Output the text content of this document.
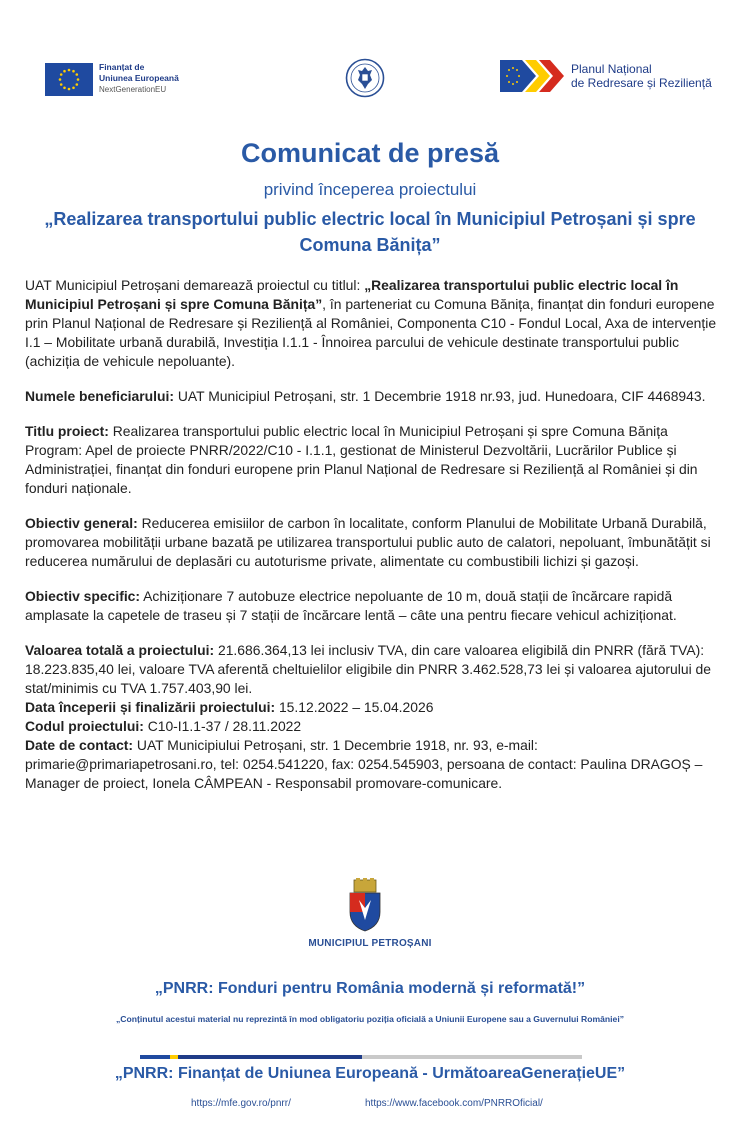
Finanțat de
Uniunea Europeană
NextGenerationEU
Planul Național
de Redresare și Reziliență
Comunicat de presă
privind începerea proiectului
„Realizarea transportului public electric local în Municipiul Petroșani și spre Comuna Bănița”

UAT Municipiul Petroșani demarează proiectul cu titlul: „Realizarea transportului public electric local în Municipiul Petroșani și spre Comuna Bănița”, în parteneriat cu Comuna Bănița, finanțat din fonduri europene prin Planul Național de Redresare și Reziliență al României, Componenta C10 - Fondul Local, Axa de intervenție I.1 – Mobilitate urbană durabilă, Investiția I.1.1 - Înnoirea parcului de vehicule destinate transportului public (achiziția de vehicule nepoluante).

Numele beneficiarului: UAT Municipiul Petroșani, str. 1 Decembrie 1918 nr.93, jud. Hunedoara, CIF 4468943.

Titlu proiect: Realizarea transportului public electric local în Municipiul Petroșani și spre Comuna Bănița Program: Apel de proiecte PNRR/2022/C10 - I.1.1, gestionat de Ministerul Dezvoltării, Lucrărilor Publice și Administrației, finanțat din fonduri europene prin Planul Național de Redresare si Reziliență al României și din fonduri naționale.

Obiectiv general: Reducerea emisiilor de carbon în localitate, conform Planului de Mobilitate Urbană Durabilă, promovarea mobilității urbane bazată pe utilizarea transportului public auto de calatori, nepoluant, îmbunătățit si reducerea numărului de deplasări cu autoturisme private, alimentate cu combustibili lichizi și gazoși.

Obiectiv specific: Achiziționare 7 autobuze electrice nepoluante de 10 m, două stații de încărcare rapidă amplasate la capetele de traseu și 7 stații de încărcare lentă – câte una pentru fiecare vehicul achiziționat.

Valoarea totală a proiectului: 21.686.364,13 lei inclusiv TVA, din care valoarea eligibilă din PNRR (fără TVA): 18.223.835,40 lei, valoare TVA aferentă cheltuielilor eligibile din PNRR 3.462.528,73 lei și valoarea ajutorului de stat/minimis cu TVA 1.757.403,90 lei.

Data începerii și finalizării proiectului: 15.12.2022 – 15.04.2026

Codul proiectului: C10-I1.1-37 / 28.11.2022

Date de contact: UAT Municipiului Petroșani, str. 1 Decembrie 1918, nr. 93, e-mail: primarie@primariapetrosani.ro, tel: 0254.541220, fax: 0254.545903, persoana de contact: Paulina DRAGOȘ – Manager de proiect, Ionela CÂMPEAN - Responsabil promovare-comunicare.

MUNICIPIUL PETROȘANI
„PNRR: Fonduri pentru România modernă și reformată!”
„Conținutul acestui material nu reprezintă în mod obligatoriu poziția oficială a Uniunii Europene sau a Guvernului României”
„PNRR: Finanțat de Uniunea Europeană - UrmătoareaGenerațieUE”
https://mfe.gov.ro/pnrr/	https://www.facebook.com/PNRROficial/
